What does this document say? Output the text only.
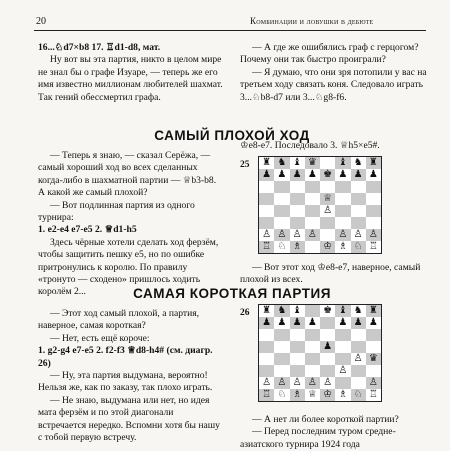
20	Комбинации и ловушки в дебюте

16...♘d7×b8 17. ♖d1-d8, мат.

Ну вот вы эта партия, никто в целом мире не знал бы о графе Изуаре, — теперь же его имя известно миллионам любителей шахмат. Так гений обессмертил графа.

— А где же ошибялись граф с герцогом? Почему они так быстро проиграли?

— Я думаю, что они зря потопили у вас на третьем ходу связать коня. Следовало играть 3...♘b8-d7 или 3...♘g8-f6.

САМЫЙ ПЛОХОЙ ХОД

— Теперь я знаю, — сказал Серёжа, — самый хороший ход во всех сделанных когда-либо в шахматной партии — ♕b3-b8. А какой же самый плохой?

— Вот подлинная партия из одного турнира:

1. e2-e4 e7-e5 2. ♕d1-h5

Здесь чёрные хотели сделать ход ферзём, чтобы защитить пешку е5, но по ошибке притронулись к королю. По правилу «тронуто — сходено» пришлось ходить королём 2...

♔e8-e7. Последовало 3. ♕h5×e5#.
25 ♜ ♞ ♝ ♛ ♝ ♞ ♜
♟ ♟ ♟ ♟ ♚ ♟ ♟ ♟
♕
♙
♙ ♙ ♙ ♙ ♙ ♙ ♙
♖ ♘ ♗ ♔ ♗ ♘ ♖

— Вот этот ход ♔e8-e7, наверное, самый плохой из всех.

САМАЯ КОРОТКАЯ ПАРТИЯ

— Этот ход самый плохой, а партия, наверное, самая короткая?

— Нет, есть ещё короче:

1. g2-g4 e7-e5 2. f2-f3 ♕d8-h4# (см. диагр. 26)

— Ну, эта партия выдумана, вероятно! Нельзя же, как по заказу, так плохо играть.

— Не знаю, выдумана или нет, но идея мата ферзём и по этой диагонали встречается нередко. Вспомни хотя бы нашу с тобой первую встречу.

26 ♜ ♞ ♝ ♚ ♝ ♞ ♜
♟ ♟ ♟ ♟ ♟ ♟ ♟
♟
♙ ♛
♙
♙ ♙ ♙ ♙ ♙	♙
♖ ♘ ♗ ♕ ♔ ♗ ♘ ♖

— А нет ли более короткой партии?

— Перед последним туром среднеазиатского турнира 1924 года
